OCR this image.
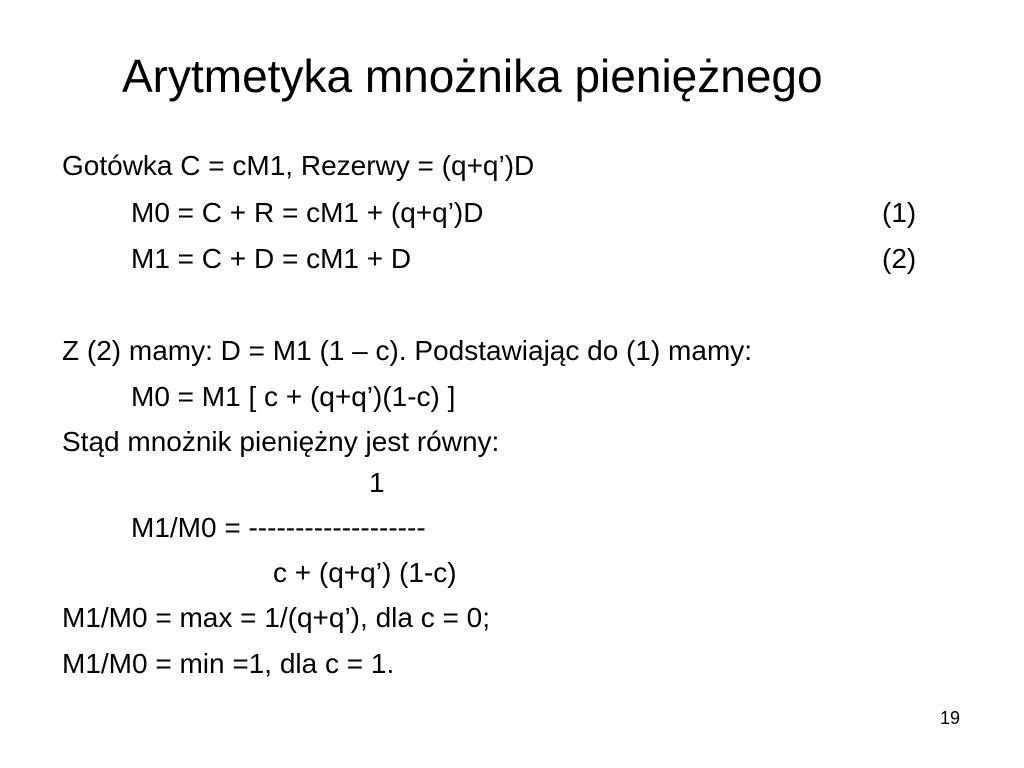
Arytmetyka mnożnika pieniężnego
Gotówka C = cM1, Rezerwy = (q+q’)D
M0 = C + R = cM1 + (q+q’)D	(1)
M1 = C + D = cM1 + D	(2)
Z (2) mamy: D = M1 (1 – c). Podstawiając do (1) mamy:
M0 = M1 [ c + (q+q’)(1-c) ]
Stąd mnożnik pieniężny jest równy:
1
M1/M0 = -------------------
c + (q+q’) (1-c)
M1/M0 = max = 1/(q+q’), dla c = 0;
M1/M0 = min =1, dla c = 1.
19
